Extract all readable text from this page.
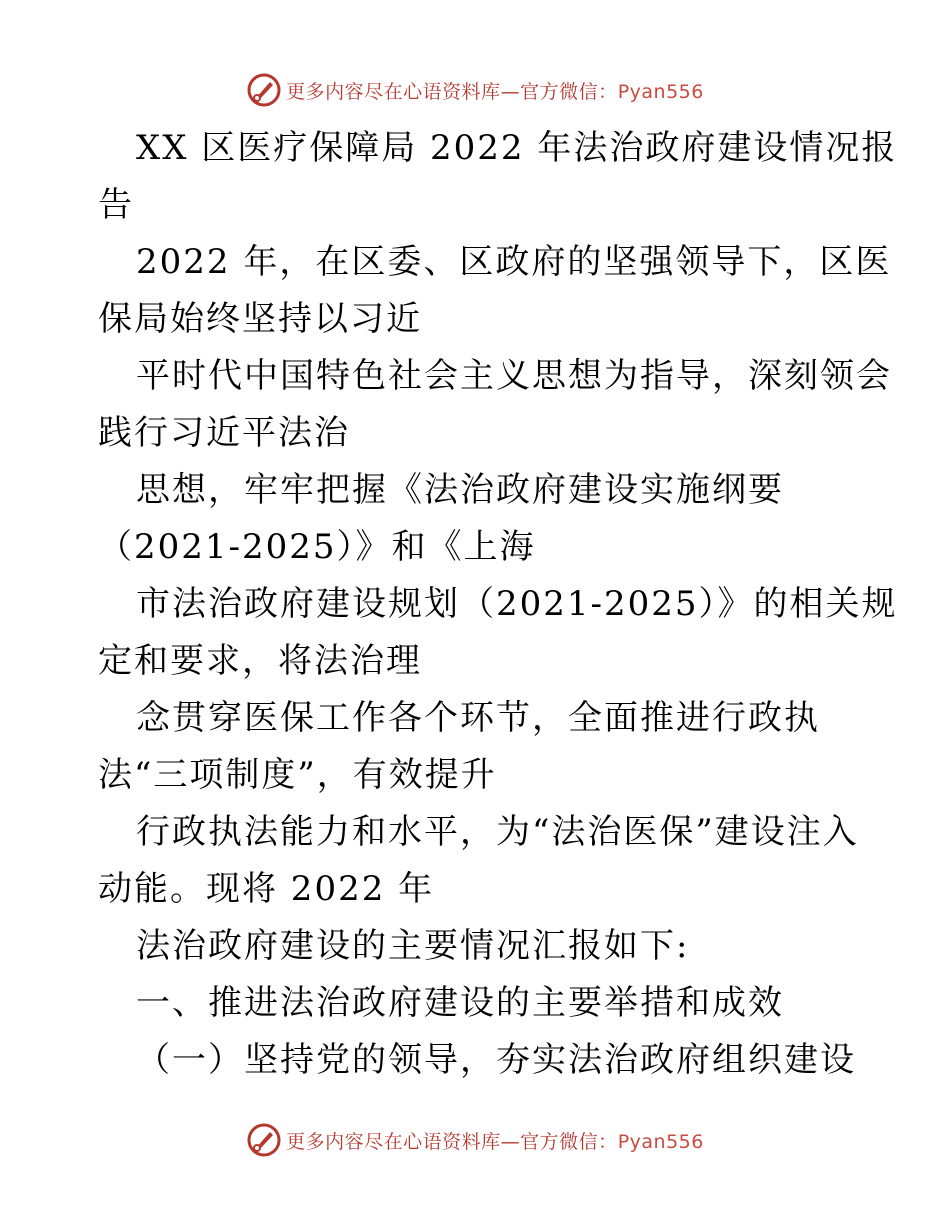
更多内容尽在心语资料库—官方微信：Pyan556
XX 区医疗保障局 2022 年法治政府建设情况报
告
2022 年，在区委、区政府的坚强领导下，区医
保局始终坚持以习近
平时代中国特色社会主义思想为指导，深刻领会
践行习近平法治
思想，牢牢把握《法治政府建设实施纲要
（2021-2025）》和《上海
市法治政府建设规划（2021-2025）》的相关规
定和要求，将法治理
念贯穿医保工作各个环节，全面推进行政执
法“三项制度”，有效提升
行政执法能力和水平，为“法治医保”建设注入
动能。现将 2022 年
法治政府建设的主要情况汇报如下:
一、推进法治政府建设的主要举措和成效
（一）坚持党的领导，夯实法治政府组织建设
更多内容尽在心语资料库—官方微信：Pyan556
